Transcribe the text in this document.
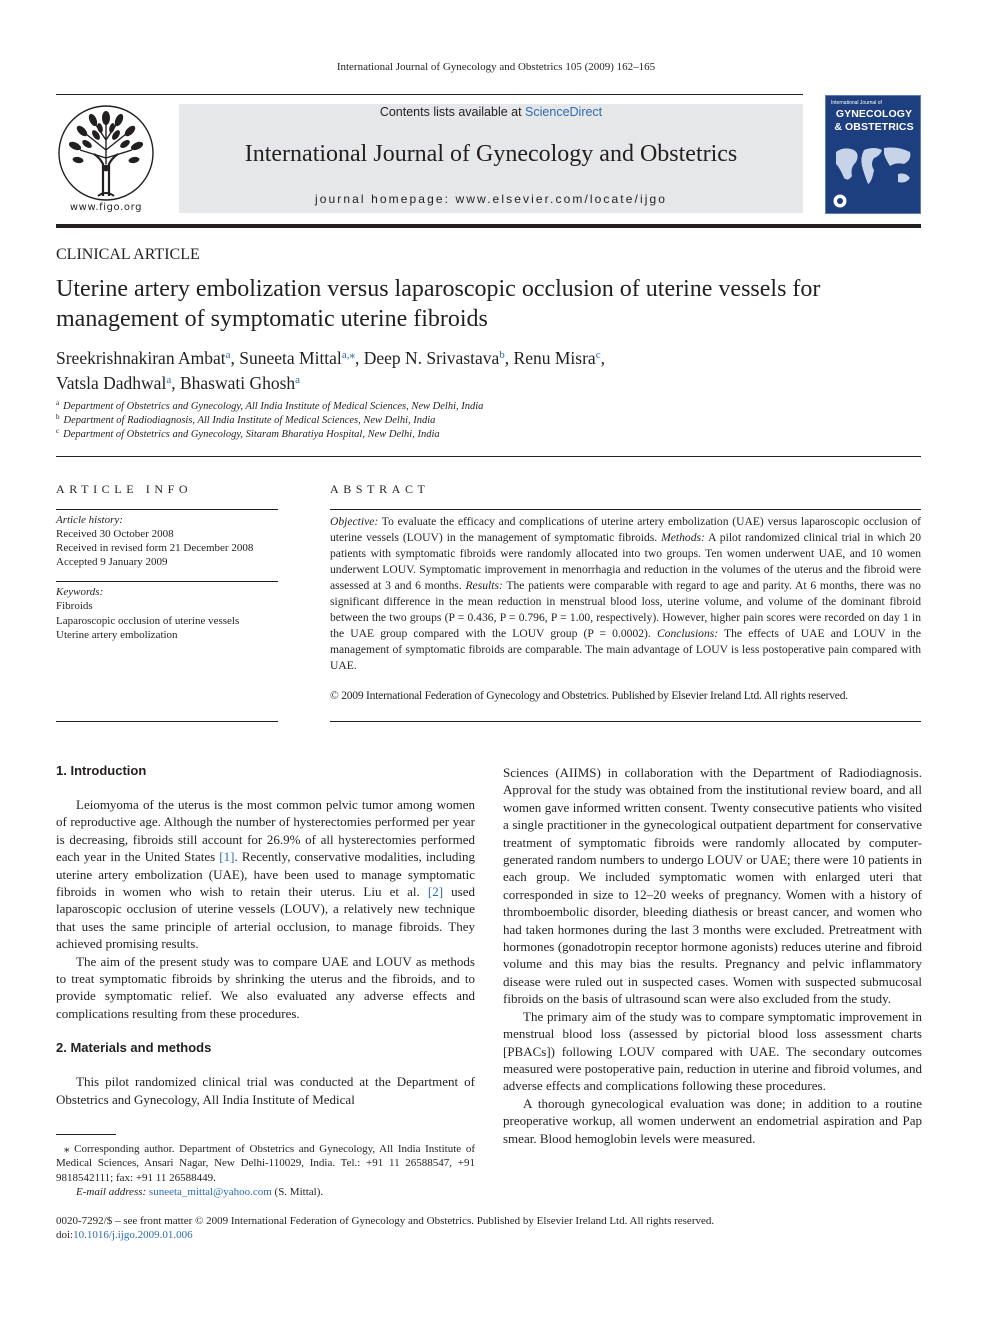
International Journal of Gynecology and Obstetrics 105 (2009) 162–165
www.figo.org
Contents lists available at ScienceDirect
International Journal of Gynecology and Obstetrics
journal homepage: www.elsevier.com/locate/ijgo
International Journal of
GYNECOLOGY
& OBSTETRICS
CLINICAL ARTICLE
Uterine artery embolization versus laparoscopic occlusion of uterine vessels for management of symptomatic uterine fibroids
Sreekrishnakiran Ambat$^a$, Suneeta Mittal$^{a,⁎}$, Deep N. Srivastava$^b$, Renu Misra$^c$,
Vatsla Dadhwal$^a$, Bhaswati Ghosh$^a$
$^a$ Department of Obstetrics and Gynecology, All India Institute of Medical Sciences, New Delhi, India
$^b$ Department of Radiodiagnosis, All India Institute of Medical Sciences, New Delhi, India
$^c$ Department of Obstetrics and Gynecology, Sitaram Bharatiya Hospital, New Delhi, India
ARTICLE INFO	ABSTRACT
Article history:
Received 30 October 2008
Received in revised form 21 December 2008
Accepted 9 January 2009
Keywords:
Fibroids
Laparoscopic occlusion of uterine vessels
Uterine artery embolization
Objective: To evaluate the efficacy and complications of uterine artery embolization (UAE) versus laparoscopic occlusion of uterine vessels (LOUV) in the management of symptomatic fibroids. Methods: A pilot randomized clinical trial in which 20 patients with symptomatic fibroids were randomly allocated into two groups. Ten women underwent UAE, and 10 women underwent LOUV. Symptomatic improvement in menorrhagia and reduction in the volumes of the uterus and the fibroid were assessed at 3 and 6 months. Results: The patients were comparable with regard to age and parity. At 6 months, there was no significant difference in the mean reduction in menstrual blood loss, uterine volume, and volume of the dominant fibroid between the two groups (P = 0.436, P = 0.796, P = 1.00, respectively). However, higher pain scores were recorded on day 1 in the UAE group compared with the LOUV group (P = 0.0002). Conclusions: The effects of UAE and LOUV in the management of symptomatic fibroids are comparable. The main advantage of LOUV is less postoperative pain compared with UAE.
© 2009 International Federation of Gynecology and Obstetrics. Published by Elsevier Ireland Ltd. All rights reserved.
1. Introduction

Leiomyoma of the uterus is the most common pelvic tumor among women of reproductive age. Although the number of hysterectomies performed per year is decreasing, fibroids still account for 26.9% of all hysterectomies performed each year in the United States [1]. Recently, conservative modalities, including uterine artery embolization (UAE), have been used to manage symptomatic fibroids in women who wish to retain their uterus. Liu et al. [2] used laparoscopic occlusion of uterine vessels (LOUV), a relatively new technique that uses the same principle of arterial occlusion, to manage fibroids. They achieved promising results.

The aim of the present study was to compare UAE and LOUV as methods to treat symptomatic fibroids by shrinking the uterus and the fibroids, and to provide symptomatic relief. We also evaluated any adverse effects and complications resulting from these procedures.

2. Materials and methods

This pilot randomized clinical trial was conducted at the Department of Obstetrics and Gynecology, All India Institute of Medical

⁎ Corresponding author. Department of Obstetrics and Gynecology, All India Institute of Medical Sciences, Ansari Nagar, New Delhi-110029, India. Tel.: +91 11 26588547, +91 9818542111; fax: +91 11 26588449.
E-mail address: suneeta_mittal@yahoo.com (S. Mittal).

Sciences (AIIMS) in collaboration with the Department of Radiodiagnosis. Approval for the study was obtained from the institutional review board, and all women gave informed written consent. Twenty consecutive patients who visited a single practitioner in the gynecological outpatient department for conservative treatment of symptomatic fibroids were randomly allocated by computer-generated random numbers to undergo LOUV or UAE; there were 10 patients in each group. We included symptomatic women with enlarged uteri that corresponded in size to 12–20 weeks of pregnancy. Women with a history of thromboembolic disorder, bleeding diathesis or breast cancer, and women who had taken hormones during the last 3 months were excluded. Pretreatment with hormones (gonadotropin receptor hormone agonists) reduces uterine and fibroid volume and this may bias the results. Pregnancy and pelvic inflammatory disease were ruled out in suspected cases. Women with suspected submucosal fibroids on the basis of ultrasound scan were also excluded from the study.

The primary aim of the study was to compare symptomatic improvement in menstrual blood loss (assessed by pictorial blood loss assessment charts [PBACs]) following LOUV compared with UAE. The secondary outcomes measured were postoperative pain, reduction in uterine and fibroid volumes, and adverse effects and complications following these procedures.

A thorough gynecological evaluation was done; in addition to a routine preoperative workup, all women underwent an endometrial aspiration and Pap smear. Blood hemoglobin levels were measured.

0020-7292/$ – see front matter © 2009 International Federation of Gynecology and Obstetrics. Published by Elsevier Ireland Ltd. All rights reserved.
doi:10.1016/j.ijgo.2009.01.006
